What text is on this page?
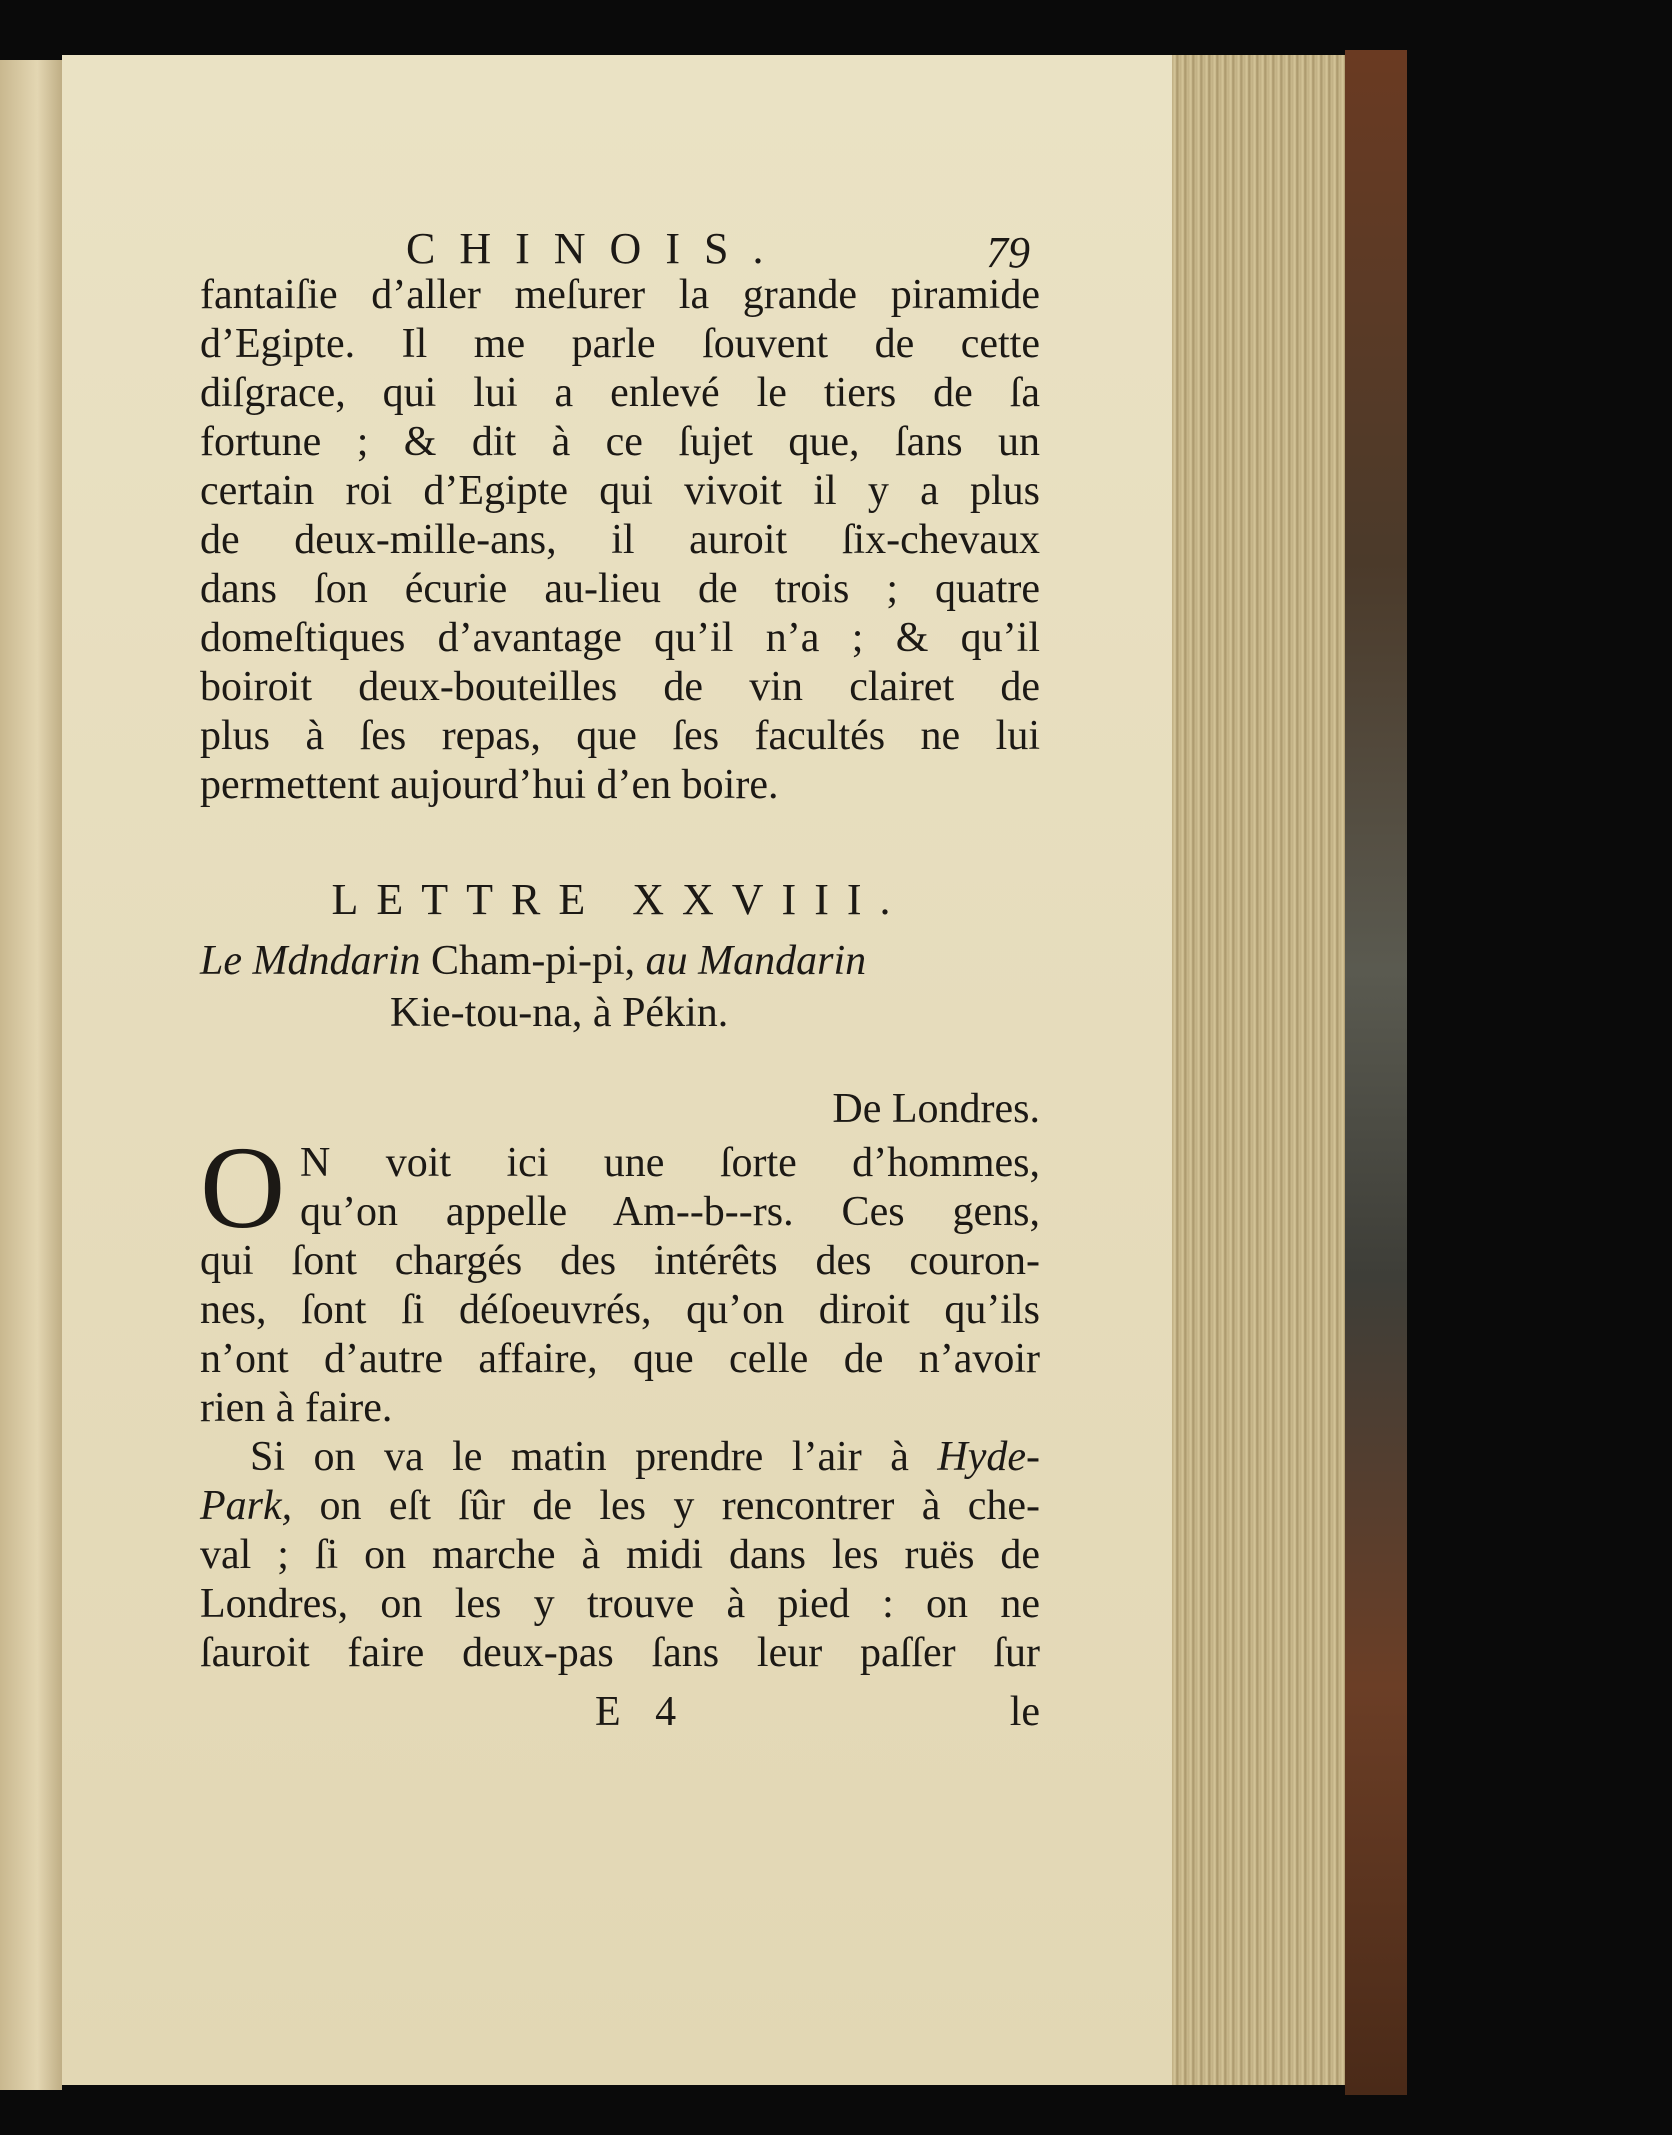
CHINOIS.	79
fantaiſie d’aller meſurer la grande piramide
d’Egipte. Il me parle ſouvent de cette
diſgrace, qui lui a enlevé le tiers de ſa
fortune ; & dit à ce ſujet que, ſans un
certain roi d’Egipte qui vivoit il y a plus
de deux-mille-ans, il auroit ſix-chevaux
dans ſon écurie au-lieu de trois ; quatre
domeſtiques d’avantage qu’il n’a ; & qu’il
boiroit deux-bouteilles de vin clairet de
plus à ſes repas, que ſes facultés ne lui
permettent aujourd’hui d’en boire.
LETTRE XXVIII.
Le Mdndarin Cham-pi-pi, au Mandarin
Kie-tou-na, à Pékin.
De Londres.
O N voit ici une ſorte d’hommes,
qu’on appelle Am--b--rs. Ces gens,
qui ſont chargés des intérêts des couron-
nes, ſont ſi déſoeuvrés, qu’on diroit qu’ils
n’ont d’autre affaire, que celle de n’avoir
rien à faire.
Si on va le matin prendre l’air à Hyde-
Park, on eſt ſûr de les y rencontrer à che-
val ; ſi on marche à midi dans les ruës de
Londres, on les y trouve à pied : on ne
ſauroit faire deux-pas ſans leur paſſer ſur
E 4	le
